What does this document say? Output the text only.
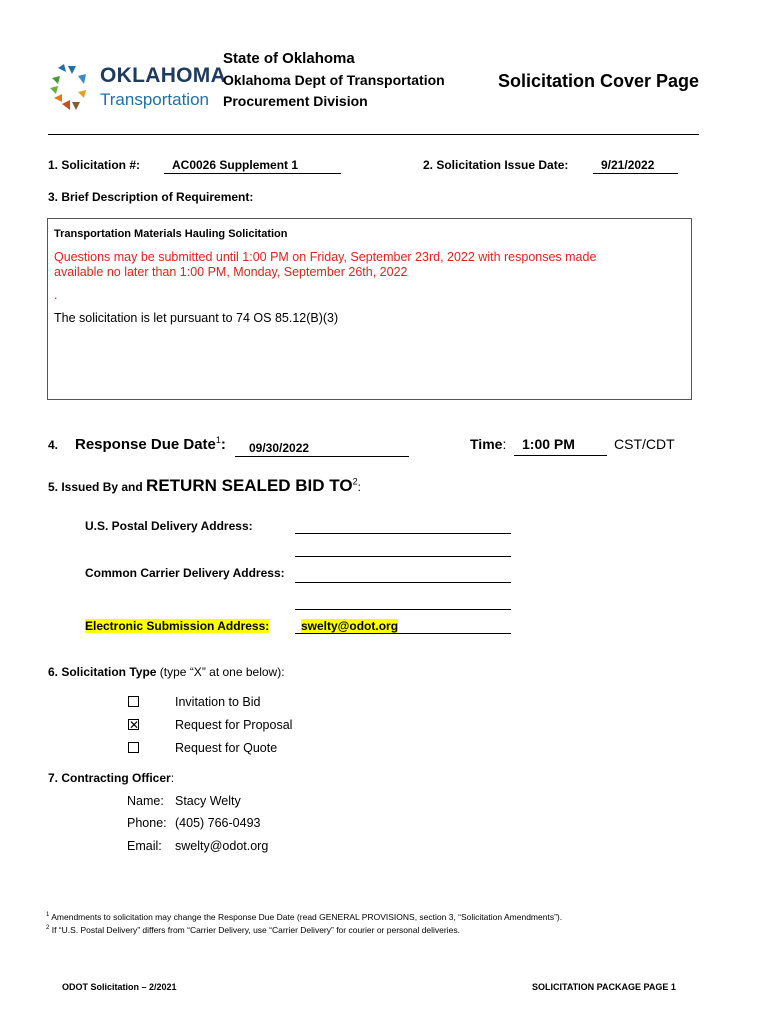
OKLAHOMA
Transportation
State of Oklahoma
Oklahoma Dept of Transportation
Procurement Division
Solicitation Cover Page
1. Solicitation #:	AC0026 Supplement 1	2. Solicitation Issue Date:	9/21/2022
3. Brief Description of Requirement:
Transportation Materials Hauling Solicitation
Questions may be submitted until 1:00 PM on Friday, September 23rd, 2022 with responses made
available no later than 1:00 PM, Monday, September 26th, 2022
.
The solicitation is let pursuant to 74 OS 85.12(B)(3)
4. Response Due Date$^1$: 09/30/2022	Time: 1:00 PM	CST/CDT
5. Issued By and RETURN SEALED BID $TO^2$:
U.S. Postal Delivery Address:
Common Carrier Delivery Address:
Electronic Submission Address:	swelty@odot.org
6. Solicitation Type (type “X” at one below):
Invitation to Bid
✕	Request for Proposal
Request for Quote
7. Contracting Officer:
Name: Stacy Welty
Phone: (405) 766-0493
Email: swelty@odot.org
$^1$ Amendments to solicitation may change the Response Due Date (read GENERAL PROVISIONS, section 3, “Solicitation Amendments”).
$^2$ If “U.S. Postal Delivery” differs from “Carrier Delivery, use “Carrier Delivery” for courier or personal deliveries.
ODOT Solicitation – 2/2021	SOLICITATION PACKAGE PAGE 1
